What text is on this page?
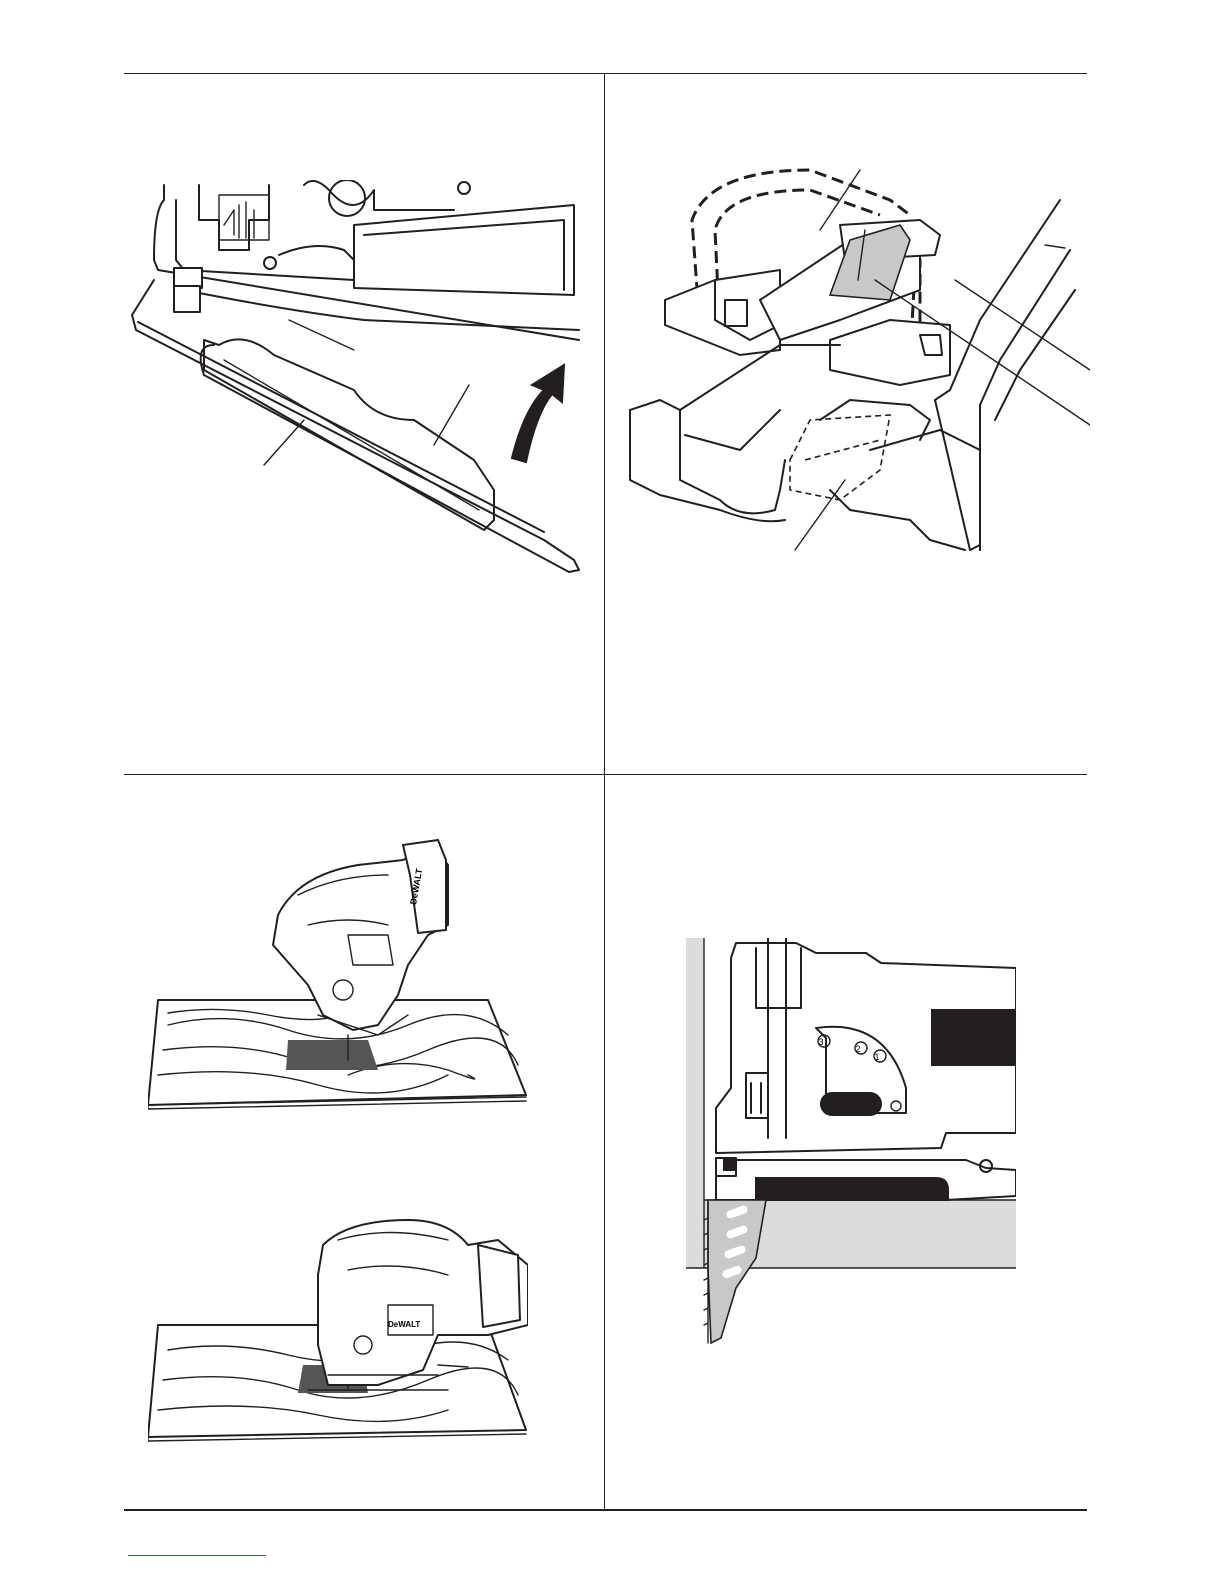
DeWALT
DeWALT
3
2
1
